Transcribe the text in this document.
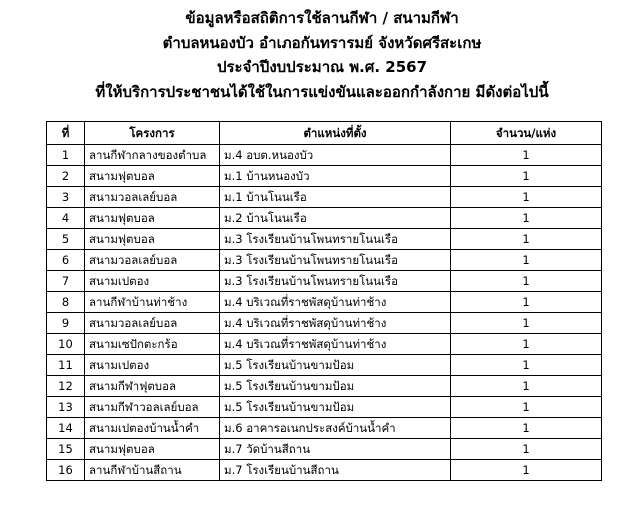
ข้อมูลหรือสถิติการใช้ลานกีฬา / สนามกีฬา
ตำบลหนองบัว อำเภอกันทรารมย์ จังหวัดศรีสะเกษ
ประจำปีงบประมาณ พ.ศ. 2567
ที่ให้บริการประชาชนได้ใช้ในการแข่งขันและออกกำลังกาย มีดังต่อไปนี้
ที่	โครงการ	ตำแหน่งที่ตั้ง	จำนวน/แห่ง
1	ลานกีฬากลางของตำบล	ม.4 อบต.หนองบัว	1
2	สนามฟุตบอล	ม.1 บ้านหนองบัว	1
3	สนามวอลเลย์บอล	ม.1 บ้านโนนเรือ	1
4	สนามฟุตบอล	ม.2 บ้านโนนเรือ	1
5	สนามฟุตบอล	ม.3 โรงเรียนบ้านโพนทรายโนนเรือ	1
6	สนามวอลเลย์บอล	ม.3 โรงเรียนบ้านโพนทรายโนนเรือ	1
7	สนามเปตอง	ม.3 โรงเรียนบ้านโพนทรายโนนเรือ	1
8	ลานกีฬาบ้านท่าช้าง	ม.4 บริเวณที่ราชพัสดุบ้านท่าช้าง	1
9	สนามวอลเลย์บอล	ม.4 บริเวณที่ราชพัสดุบ้านท่าช้าง	1
10	สนามเซปักตะกร้อ	ม.4 บริเวณที่ราชพัสดุบ้านท่าช้าง	1
11	สนามเปตอง	ม.5 โรงเรียนบ้านขามป้อม	1
12	สนามกีฬาฟุตบอล	ม.5 โรงเรียนบ้านขามป้อม	1
13	สนามกีฬาวอลเลย์บอล	ม.5 โรงเรียนบ้านขามป้อม	1
14	สนามเปตองบ้านน้ำคำ	ม.6 อาคารอเนกประสงค์บ้านน้ำคำ	1
15	สนามฟุตบอล	ม.7 วัดบ้านสีถาน	1
16	ลานกีฬาบ้านสีถาน	ม.7 โรงเรียนบ้านสีถาน	1
